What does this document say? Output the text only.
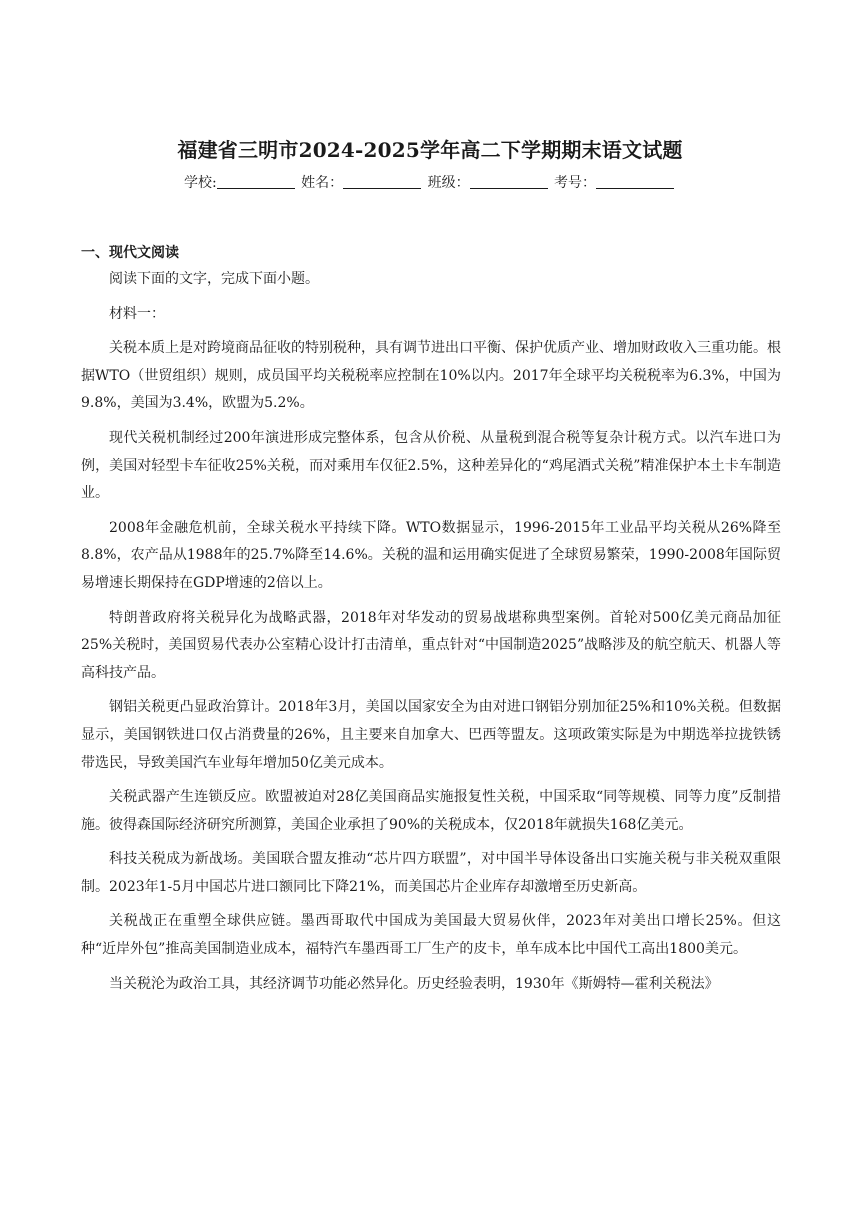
福建省三明市2024-2025学年高二下学期期末语文试题
学校:	姓名：	班级：	考号：
一、现代文阅读

阅读下面的文字，完成下面小题。

材料一：

关税本质上是对跨境商品征收的特别税种，具有调节进出口平衡、保护优质产业、增加财政收入三重功能。根据WTO（世贸组织）规则，成员国平均关税税率应控制在10%以内。2017年全球平均关税税率为6.3%，中国为9.8%，美国为3.4%，欧盟为5.2%。

现代关税机制经过200年演进形成完整体系，包含从价税、从量税到混合税等复杂计税方式。以汽车进口为例，美国对轻型卡车征收25%关税，而对乘用车仅征2.5%，这种差异化的“鸡尾酒式关税”精准保护本土卡车制造业。

2008年金融危机前，全球关税水平持续下降。WTO数据显示，1996-2015年工业品平均关税从26%降至8.8%，农产品从1988年的25.7%降至14.6%。关税的温和运用确实促进了全球贸易繁荣，1990-2008年国际贸易增速长期保持在GDP增速的2倍以上。

特朗普政府将关税异化为战略武器，2018年对华发动的贸易战堪称典型案例。首轮对500亿美元商品加征25%关税时，美国贸易代表办公室精心设计打击清单，重点针对“中国制造2025”战略涉及的航空航天、机器人等高科技产品。

钢铝关税更凸显政治算计。2018年3月，美国以国家安全为由对进口钢铝分别加征25%和10%关税。但数据显示，美国钢铁进口仅占消费量的26%，且主要来自加拿大、巴西等盟友。这项政策实际是为中期选举拉拢铁锈带选民，导致美国汽车业每年增加50亿美元成本。

关税武器产生连锁反应。欧盟被迫对28亿美国商品实施报复性关税，中国采取“同等规模、同等力度”反制措施。彼得森国际经济研究所测算，美国企业承担了90%的关税成本，仅2018年就损失168亿美元。

科技关税成为新战场。美国联合盟友推动“芯片四方联盟”，对中国半导体设备出口实施关税与非关税双重限制。2023年1-5月中国芯片进口额同比下降21%，而美国芯片企业库存却激增至历史新高。

关税战正在重塑全球供应链。墨西哥取代中国成为美国最大贸易伙伴，2023年对美出口增长25%。但这种“近岸外包”推高美国制造业成本，福特汽车墨西哥工厂生产的皮卡，单车成本比中国代工高出1800美元。

当关税沦为政治工具，其经济调节功能必然异化。历史经验表明，1930年《斯姆特—霍利关税法》
